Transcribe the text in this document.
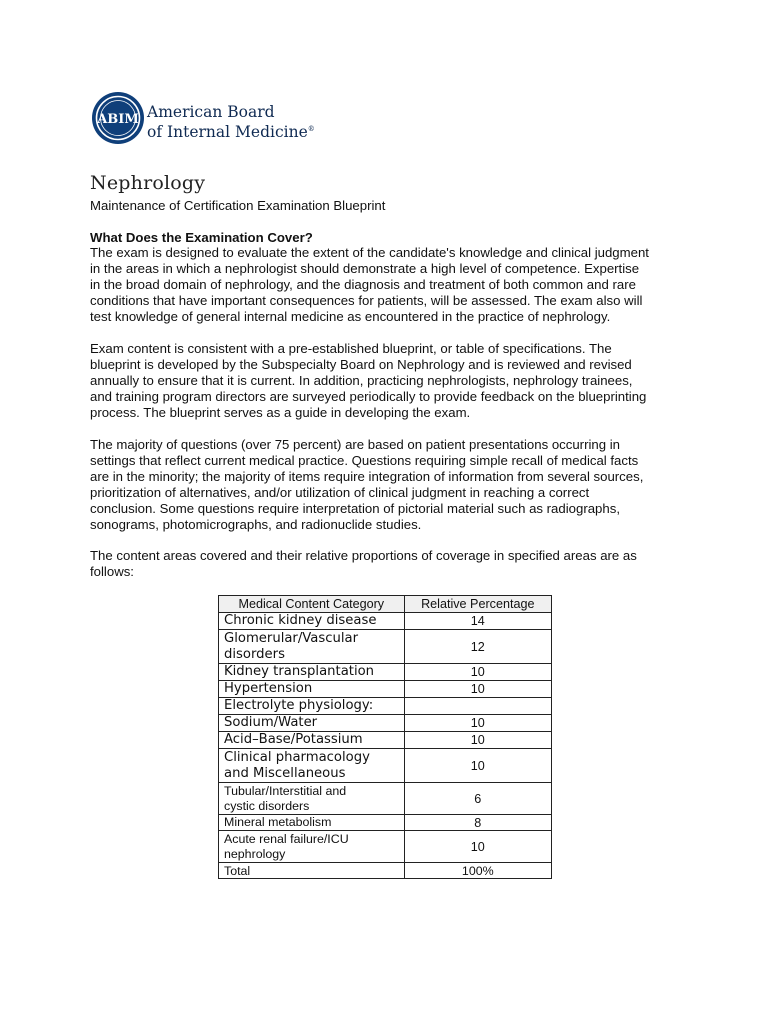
ABIM American Board
of Internal Medicine®
Nephrology

Maintenance of Certification Examination Blueprint

What Does the Examination Cover?

The exam is designed to evaluate the extent of the candidate's knowledge and clinical judgment
in the areas in which a nephrologist should demonstrate a high level of competence. Expertise
in the broad domain of nephrology, and the diagnosis and treatment of both common and rare
conditions that have important consequences for patients, will be assessed. The exam also will
test knowledge of general internal medicine as encountered in the practice of nephrology.

Exam content is consistent with a pre-established blueprint, or table of specifications. The
blueprint is developed by the Subspecialty Board on Nephrology and is reviewed and revised
annually to ensure that it is current. In addition, practicing nephrologists, nephrology trainees,
and training program directors are surveyed periodically to provide feedback on the blueprinting
process. The blueprint serves as a guide in developing the exam.

The majority of questions (over 75 percent) are based on patient presentations occurring in
settings that reflect current medical practice. Questions requiring simple recall of medical facts
are in the minority; the majority of items require integration of information from several sources,
prioritization of alternatives, and/or utilization of clinical judgment in reaching a correct
conclusion. Some questions require interpretation of pictorial material such as radiographs,
sonograms, photomicrographs, and radionuclide studies.

The content areas covered and their relative proportions of coverage in specified areas are as
follows:

Medical Content Category	Relative Percentage
Chronic kidney disease	14
Glomerular/Vascular
disorders	12
Kidney transplantation	10
Hypertension	10
Electrolyte physiology:	
Sodium/Water	10
Acid–Base/Potassium	10
Clinical pharmacology
and Miscellaneous	10
Tubular/Interstitial and
cystic disorders	6
Mineral metabolism	8
Acute renal failure/ICU
nephrology	10
Total	100%
